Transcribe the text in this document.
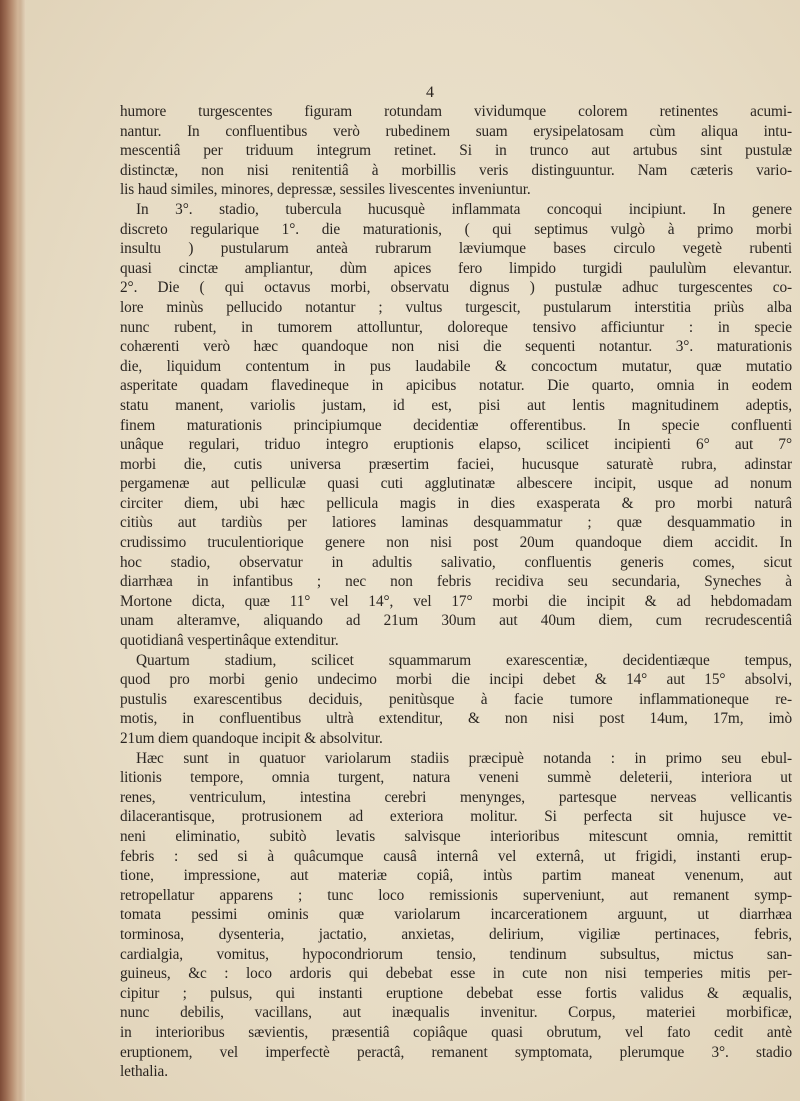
4
humore turgescentes figuram rotundam vividumque colorem retinentes acumi-
nantur. In confluentibus verò rubedinem suam erysipelatosam cùm aliqua intu-
mescentiâ per triduum integrum retinet. Si in trunco aut artubus sint pustulæ
distinctæ, non nisi renitentiâ à morbillis veris distinguuntur. Nam cæteris vario-
lis haud similes, minores, depressæ, sessiles livescentes inveniuntur.
In 3°. stadio, tubercula hucusquè inflammata concoqui incipiunt. In genere
discreto regularique 1°. die maturationis, ( qui septimus vulgò à primo morbi
insultu ) pustularum anteà rubrarum læviumque bases circulo vegetè rubenti
quasi cinctæ ampliantur, dùm apices fero limpido turgidi paululùm elevantur.
2°. Die ( qui octavus morbi, observatu dignus ) pustulæ adhuc turgescentes co-
lore minùs pellucido notantur ; vultus turgescit, pustularum interstitia priùs alba
nunc rubent, in tumorem attolluntur, doloreque tensivo afficiuntur : in specie
cohærenti verò hæc quandoque non nisi die sequenti notantur. 3°. maturationis
die, liquidum contentum in pus laudabile & concoctum mutatur, quæ mutatio
asperitate quadam flavedineque in apicibus notatur. Die quarto, omnia in eodem
statu manent, variolis justam, id est, pisi aut lentis magnitudinem adeptis,
finem maturationis principiumque decidentiæ offerentibus. In specie confluenti
unâque regulari, triduo integro eruptionis elapso, scilicet incipienti 6° aut 7°
morbi die, cutis universa præsertim faciei, hucusque saturatè rubra, adinstar
pergamenæ aut pelliculæ quasi cuti agglutinatæ albescere incipit, usque ad nonum
circiter diem, ubi hæc pellicula magis in dies exasperata & pro morbi naturâ
citiùs aut tardiùs per latiores laminas desquammatur ; quæ desquammatio in
crudissimo truculentiorique genere non nisi post 20um quandoque diem accidit. In
hoc stadio, observatur in adultis salivatio, confluentis generis comes, sicut
diarrhæa in infantibus ; nec non febris recidiva seu secundaria, Syneches à
Mortone dicta, quæ 11° vel 14°, vel 17° morbi die incipit & ad hebdomadam
unam alteramve, aliquando ad 21um 30um aut 40um diem, cum recrudescentiâ
quotidianâ vespertinâque extenditur.
Quartum stadium, scilicet squammarum exarescentiæ, decidentiæque tempus,
quod pro morbi genio undecimo morbi die incipi debet & 14° aut 15° absolvi,
pustulis exarescentibus deciduis, penitùsque à facie tumore inflammationeque re-
motis, in confluentibus ultrà extenditur, & non nisi post 14um, 17m, imò
21um diem quandoque incipit & absolvitur.
Hæc sunt in quatuor variolarum stadiis præcipuè notanda : in primo seu ebul-
litionis tempore, omnia turgent, natura veneni summè deleterii, interiora ut
renes, ventriculum, intestina cerebri menynges, partesque nerveas vellicantis
dilacerantisque, protrusionem ad exteriora molitur. Si perfecta sit hujusce ve-
neni eliminatio, subitò levatis salvisque interioribus mitescunt omnia, remittit
febris : sed si à quâcumque causâ internâ vel externâ, ut frigidi, instanti erup-
tione, impressione, aut materiæ copiâ, intùs partim maneat venenum, aut
retropellatur apparens ; tunc loco remissionis superveniunt, aut remanent symp-
tomata pessimi ominis quæ variolarum incarcerationem arguunt, ut diarrhæa
torminosa, dysenteria, jactatio, anxietas, delirium, vigiliæ pertinaces, febris,
cardialgia, vomitus, hypocondriorum tensio, tendinum subsultus, mictus san-
guineus, &c : loco ardoris qui debebat esse in cute non nisi temperies mitis per-
cipitur ; pulsus, qui instanti eruptione debebat esse fortis validus & æqualis,
nunc debilis, vacillans, aut inæqualis invenitur. Corpus, materiei morbificæ,
in interioribus sævientis, præsentiâ copiâque quasi obrutum, vel fato cedit antè
eruptionem, vel imperfectè peractâ, remanent symptomata, plerumque 3°. stadio
lethalia.
